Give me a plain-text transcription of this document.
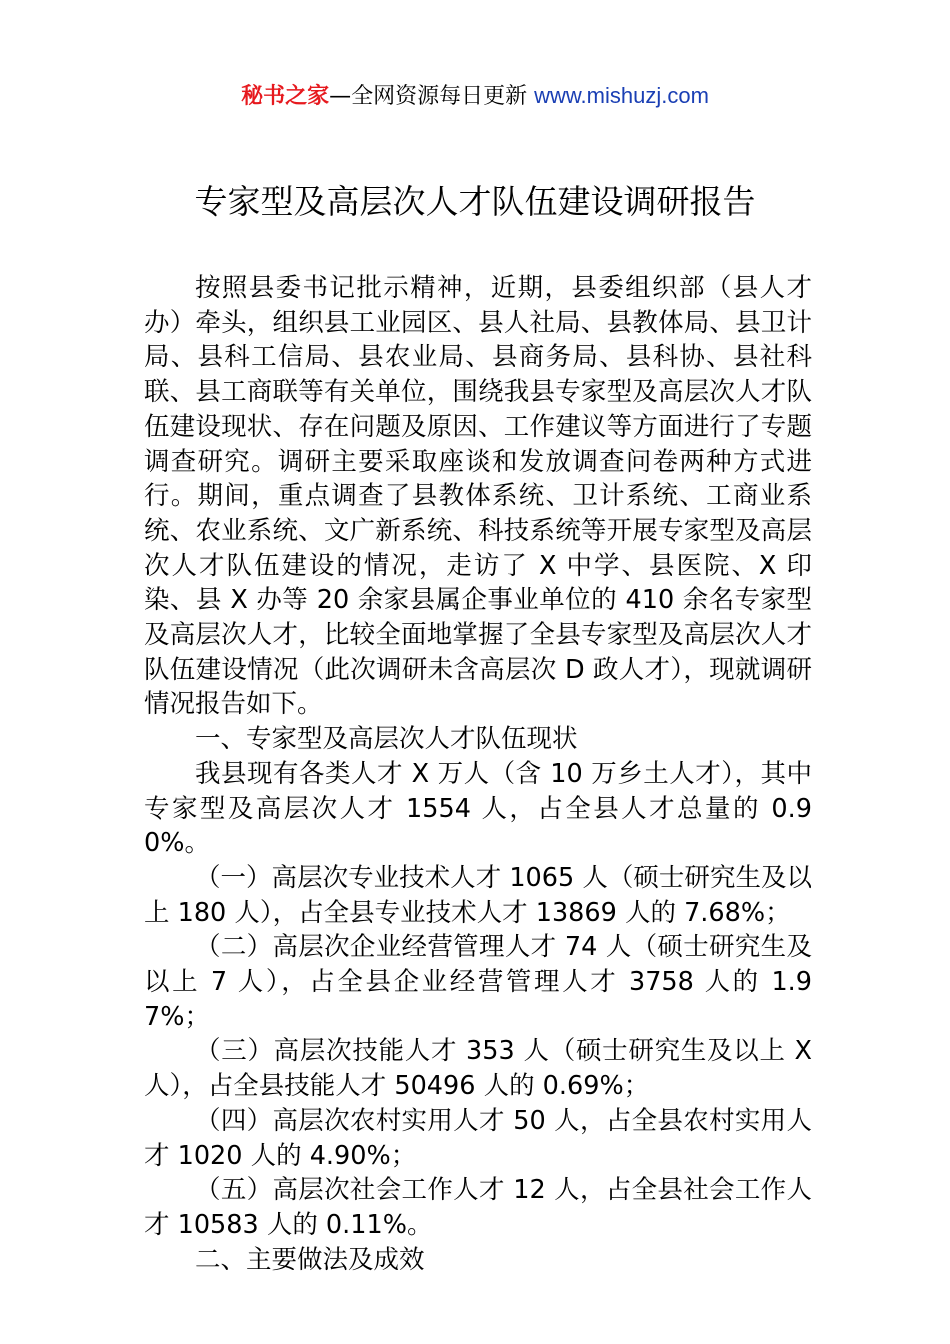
秘书之家—全网资源每日更新 www.mishuzj.com
专家型及高层次人才队伍建设调研报告

按照县委书记批示精神，近期，县委组织部（县人才办）牵头，组织县工业园区、县人社局、县教体局、县卫计局、县科工信局、县农业局、县商务局、县科协、县社科联、县工商联等有关单位，围绕我县专家型及高层次人才队伍建设现状、存在问题及原因、工作建议等方面进行了专题调查研究。调研主要采取座谈和发放调查问卷两种方式进行。期间，重点调查了县教体系统、卫计系统、工商业系统、农业系统、文广新系统、科技系统等开展专家型及高层次人才队伍建设的情况，走访了 X 中学、县医院、X 印染、县 X 办等 20 余家县属企事业单位的 410 余名专家型及高层次人才，比较全面地掌握了全县专家型及高层次人才队伍建设情况（此次调研未含高层次 D 政人才），现就调研情况报告如下。

一、专家型及高层次人才队伍现状

我县现有各类人才 X 万人（含 10 万乡土人才），其中专家型及高层次人才 1554 人，占全县人才总量的 0.90%。

（一）高层次专业技术人才 1065 人（硕士研究生及以上 180 人），占全县专业技术人才 13869 人的 7.68%；

（二）高层次企业经营管理人才 74 人（硕士研究生及以上 7 人），占全县企业经营管理人才 3758 人的 1.97%；

（三）高层次技能人才 353 人（硕士研究生及以上 X 人），占全县技能人才 50496 人的 0.69%；

（四）高层次农村实用人才 50 人，占全县农村实用人才 1020 人的 4.90%；

（五）高层次社会工作人才 12 人，占全县社会工作人才 10583 人的 0.11%。

二、主要做法及成效
